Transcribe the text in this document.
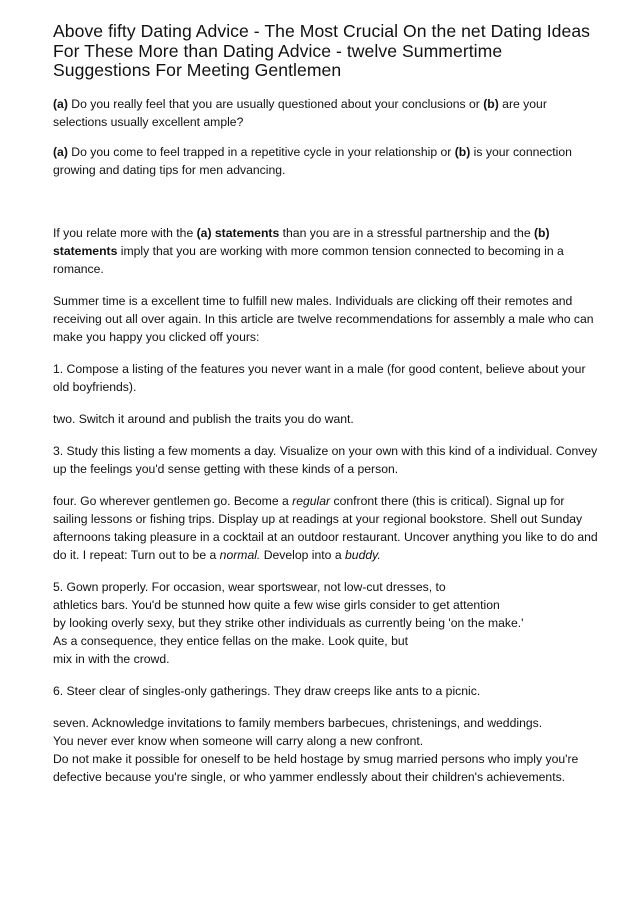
Above fifty Dating Advice - The Most Crucial On the net Dating Ideas For These More than Dating Advice - twelve Summertime Suggestions For Meeting Gentlemen

(a) Do you really feel that you are usually questioned about your conclusions or (b) are your selections usually excellent ample?

(a) Do you come to feel trapped in a repetitive cycle in your relationship or (b) is your connection growing and dating tips for men advancing.

If you relate more with the (a) statements than you are in a stressful partnership and the (b) statements imply that you are working with more common tension connected to becoming in a romance.

Summer time is a excellent time to fulfill new males. Individuals are clicking off their remotes and receiving out all over again. In this article are twelve recommendations for assembly a male who can make you happy you clicked off yours:

1. Compose a listing of the features you never want in a male (for good content, believe about your old boyfriends).

two. Switch it around and publish the traits you do want.

3. Study this listing a few moments a day. Visualize on your own with this kind of a individual. Convey up the feelings you'd sense getting with these kinds of a person.

four. Go wherever gentlemen go. Become a regular confront there (this is critical). Signal up for sailing lessons or fishing trips. Display up at readings at your regional bookstore. Shell out Sunday afternoons taking pleasure in a cocktail at an outdoor restaurant. Uncover anything you like to do and do it. I repeat: Turn out to be a normal. Develop into a buddy.

5. Gown properly. For occasion, wear sportswear, not low-cut dresses, to
athletics bars. You'd be stunned how quite a few wise girls consider to get attention
by looking overly sexy, but they strike other individuals as currently being 'on the make.'
As a consequence, they entice fellas on the make. Look quite, but
mix in with the crowd.

6. Steer clear of singles-only gatherings. They draw creeps like ants to a picnic.

seven. Acknowledge invitations to family members barbecues, christenings, and weddings.
You never ever know when someone will carry along a new confront.
Do not make it possible for oneself to be held hostage by smug married persons who imply you're defective because you're single, or who yammer endlessly about their children's achievements.
